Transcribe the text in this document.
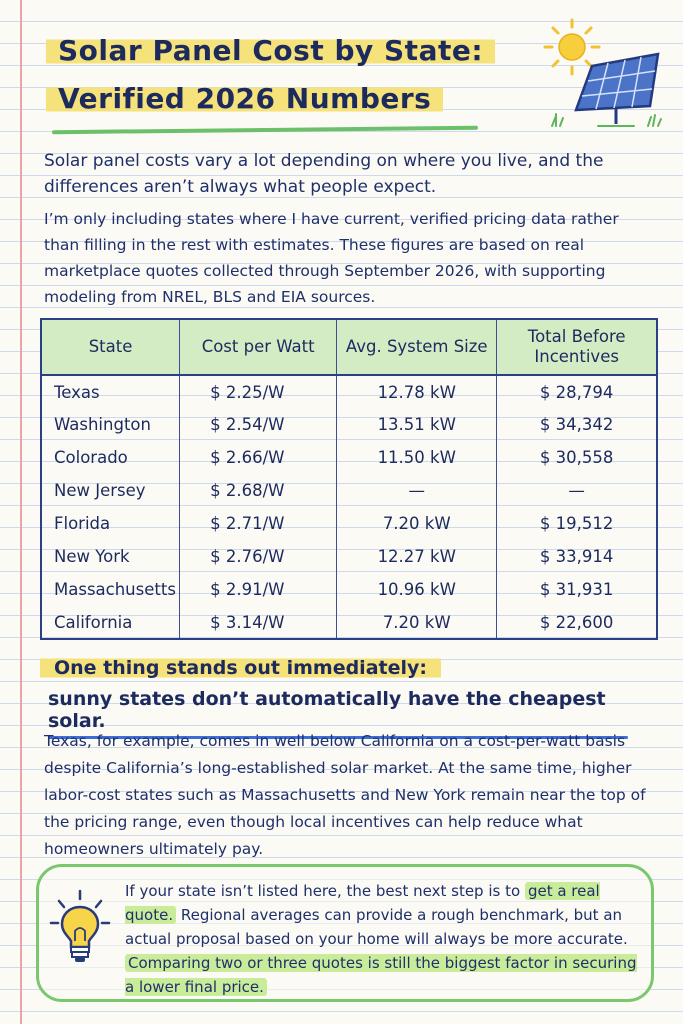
Solar Panel Cost by State:
Verified 2026 Numbers

Solar panel costs vary a lot depending on where you live, and the differences aren’t always what people expect.

I’m only including states where I have current, verified pricing data rather than filling in the rest with estimates. These figures are based on real marketplace quotes collected through September 2026, with supporting modeling from NREL, BLS and EIA sources.

State	Cost per Watt	Avg. System Size	Total Before Incentives
Texas	$ 2.25/W	12.78 kW	$ 28,794
Washington	$ 2.54/W	13.51 kW	$ 34,342
Colorado	$ 2.66/W	11.50 kW	$ 30,558
New Jersey	$ 2.68/W	—	—
Florida	$ 2.71/W	7.20 kW	$ 19,512
New York	$ 2.76/W	12.27 kW	$ 33,914
Massachusetts	$ 2.91/W	10.96 kW	$ 31,931
California	$ 3.14/W	7.20 kW	$ 22,600
One thing stands out immediately:

sunny states don’t automatically have the cheapest solar.

Texas, for example, comes in well below California on a cost-per-watt basis despite California’s long-established solar market. At the same time, higher labor-cost states such as Massachusetts and New York remain near the top of the pricing range, even though local incentives can help reduce what homeowners ultimately pay.

If your state isn’t listed here, the best next step is to get a real quote. Regional averages can provide a rough benchmark, but an actual proposal based on your home will always be more accurate. Comparing two or three quotes is still the biggest factor in securing a lower final price.
